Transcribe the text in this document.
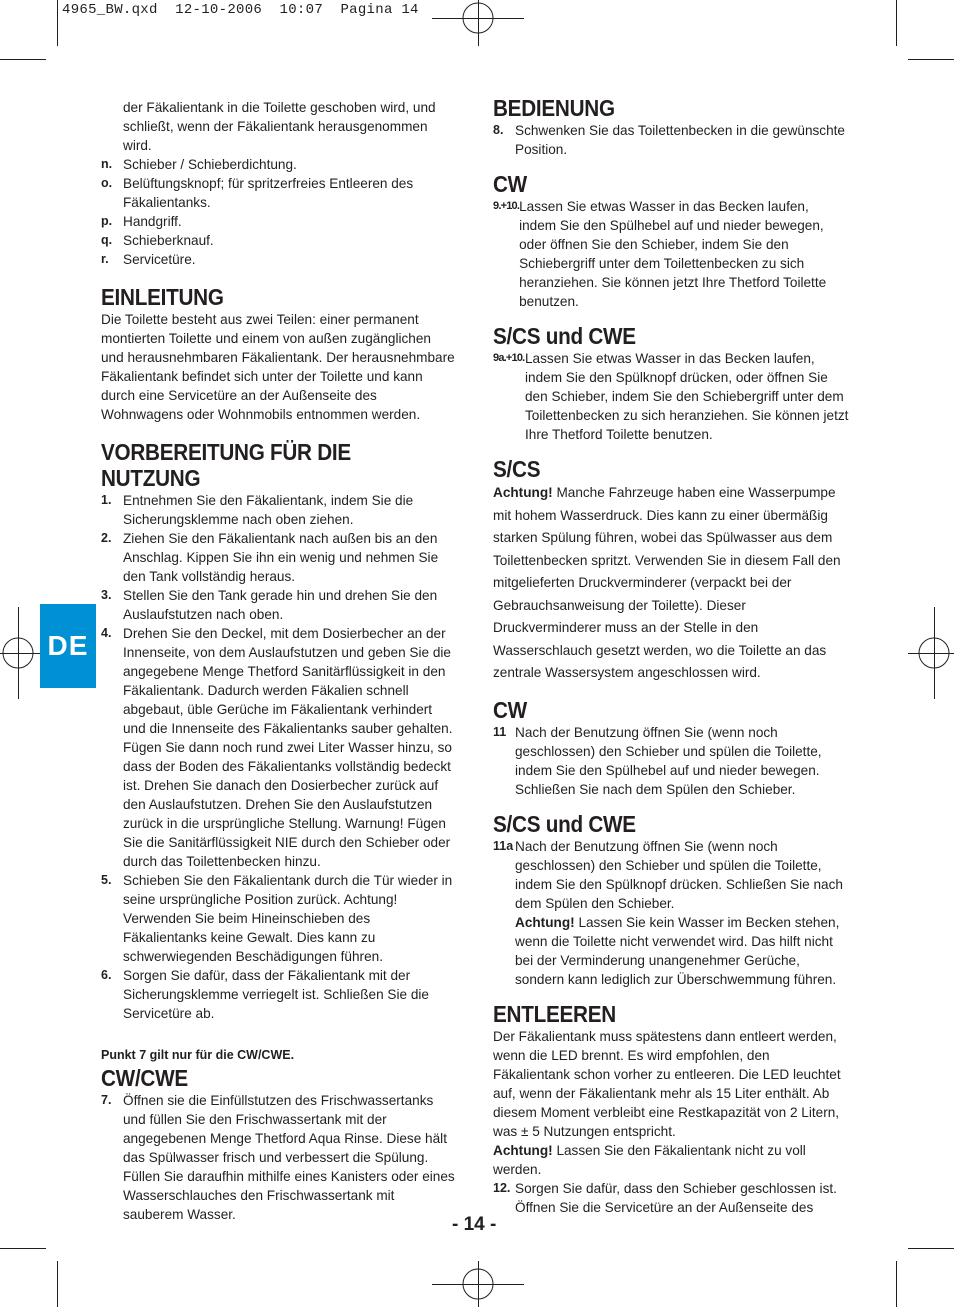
4965_BW.qxd  12-10-2006  10:07  Pagina 14
DE

der Fäkalientank in die Toilette geschoben wird, und schließt, wenn der Fäkalientank herausgenommen wird.

n. Schieber / Schieberdichtung.
o. Belüftungsknopf; für spritzerfreies Entleeren des Fäkalientanks.
p. Handgriff.
q. Schieberknauf.
r.	Servicetüre.
EINLEITUNG

Die Toilette besteht aus zwei Teilen: einer permanent montierten Toilette und einem von außen zugänglichen und herausnehmbaren Fäkalientank. Der herausnehmbare Fäkalientank befindet sich unter der Toilette und kann durch eine Servicetüre an der Außenseite des Wohnwagens oder Wohnmobils entnommen werden.

VORBEREITUNG FÜR DIE NUTZUNG
1. Entnehmen Sie den Fäkalientank, indem Sie die Sicherungsklemme nach oben ziehen.
2. Ziehen Sie den Fäkalientank nach außen bis an den Anschlag. Kippen Sie ihn ein wenig und nehmen Sie den Tank vollständig heraus.
3. Stellen Sie den Tank gerade hin und drehen Sie den Auslaufstutzen nach oben.
4. Drehen Sie den Deckel, mit dem Dosierbecher an der Innenseite, von dem Auslaufstutzen und geben Sie die angegebene Menge Thetford Sanitärflüssigkeit in den Fäkalientank. Dadurch werden Fäkalien schnell abgebaut, üble Gerüche im Fäkalientank verhindert und die Innenseite des Fäkalientanks sauber gehalten. Fügen Sie dann noch rund zwei Liter Wasser hinzu, so dass der Boden des Fäkalientanks vollständig bedeckt ist. Drehen Sie danach den Dosierbecher zurück auf den Auslaufstutzen. Drehen Sie den Auslaufstutzen zurück in die ursprüngliche Stellung. Warnung! Fügen Sie die Sanitärflüssigkeit NIE durch den Schieber oder durch das Toilettenbecken hinzu.
5. Schieben Sie den Fäkalientank durch die Tür wieder in seine ursprüngliche Position zurück. Achtung! Verwenden Sie beim Hineinschieben des Fäkalientanks keine Gewalt. Dies kann zu schwerwiegenden Beschädigungen führen.
6. Sorgen Sie dafür, dass der Fäkalientank mit der Sicherungsklemme verriegelt ist. Schließen Sie die Servicetüre ab.

Punkt 7 gilt nur für die CW/CWE.

CW/CWE
7. Öffnen sie die Einfüllstutzen des Frischwassertanks und füllen Sie den Frischwassertank mit der angegebenen Menge Thetford Aqua Rinse. Diese hält das Spülwasser frisch und verbessert die Spülung. Füllen Sie daraufhin mithilfe eines Kanisters oder eines Wasserschlauches den Frischwassertank mit sauberem Wasser.
BEDIENUNG
8. Schwenken Sie das Toilettenbecken in die gewünschte Position.
CW
9.+10. Lassen Sie etwas Wasser in das Becken laufen, indem Sie den Spülhebel auf und nieder bewegen, oder öffnen Sie den Schieber, indem Sie den Schiebergriff unter dem Toilettenbecken zu sich heranziehen. Sie können jetzt Ihre Thetford Toilette benutzen.
S/CS und CWE
9a.+10. Lassen Sie etwas Wasser in das Becken laufen, indem Sie den Spülknopf drücken, oder öffnen Sie den Schieber, indem Sie den Schiebergriff unter dem Toilettenbecken zu sich heranziehen. Sie können jetzt Ihre Thetford Toilette benutzen.
S/CS

Achtung! Manche Fahrzeuge haben eine Wasserpumpe mit hohem Wasserdruck. Dies kann zu einer übermäßig starken Spülung führen, wobei das Spülwasser aus dem Toilettenbecken spritzt. Verwenden Sie in diesem Fall den mitgelieferten Druckverminderer (verpackt bei der Gebrauchsanweisung der Toilette). Dieser Druckverminderer muss an der Stelle in den Wasserschlauch gesetzt werden, wo die Toilette an das zentrale Wassersystem angeschlossen wird.

CW
11 Nach der Benutzung öffnen Sie (wenn noch geschlossen) den Schieber und spülen die Toilette, indem Sie den Spülhebel auf und nieder bewegen. Schließen Sie nach dem Spülen den Schieber.
S/CS und CWE
11a Nach der Benutzung öffnen Sie (wenn noch geschlossen) den Schieber und spülen die Toilette, indem Sie den Spülknopf drücken. Schließen Sie nach dem Spülen den Schieber.
Achtung! Lassen Sie kein Wasser im Becken stehen, wenn die Toilette nicht verwendet wird. Das hilft nicht bei der Verminderung unangenehmer Gerüche, sondern kann lediglich zur Überschwemmung führen.
ENTLEEREN

Der Fäkalientank muss spätestens dann entleert werden, wenn die LED brennt. Es wird empfohlen, den Fäkalientank schon vorher zu entleeren. Die LED leuchtet auf, wenn der Fäkalientank mehr als 15 Liter enthält. Ab diesem Moment verbleibt eine Restkapazität von 2 Litern, was ± 5 Nutzungen entspricht.

Achtung! Lassen Sie den Fäkalientank nicht zu voll werden.

12. Sorgen Sie dafür, dass den Schieber geschlossen ist. Öffnen Sie die Servicetüre an der Außenseite des
- 14 -
